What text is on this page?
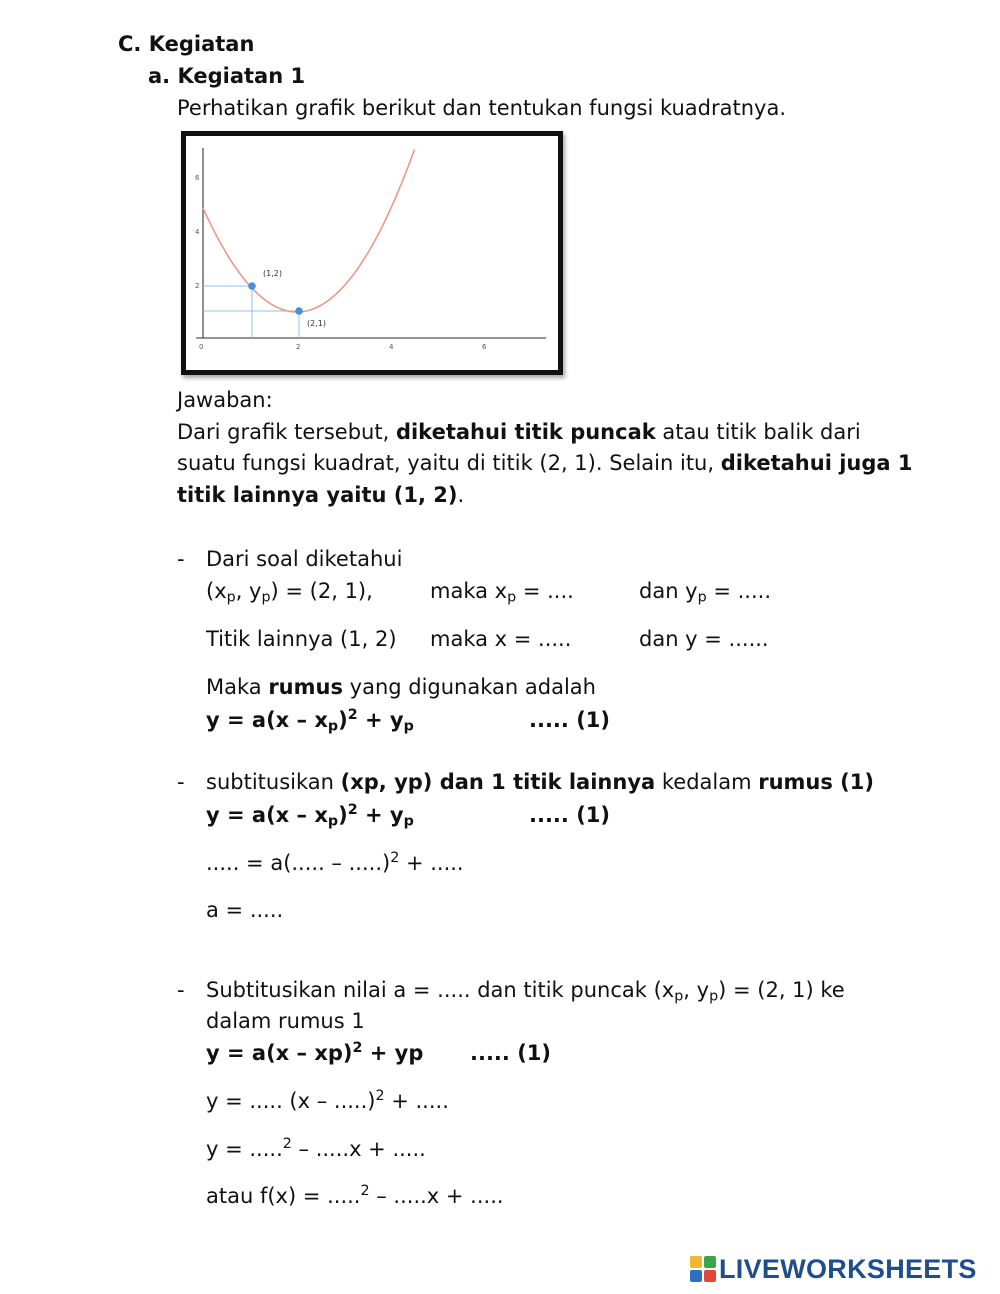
C. Kegiatan
a. Kegiatan 1
Perhatikan grafik berikut dan tentukan fungsi kuadratnya.
(1,2)
(2,1)
0	2	4	6
2
4
6
Jawaban:
Dari grafik tersebut, diketahui titik puncak atau titik balik dari
suatu fungsi kuadrat, yaitu di titik (2, 1). Selain itu, diketahui juga 1
titik lainnya yaitu (1, 2).
- Dari soal diketahui
($x_p$, $y_p) = (2$, 1),	maka $x_p$ = ....	dan $y_p$ = .....
Titik lainnya (1, 2) maka x = .....	dan y = ......
Maka rumus yang digunakan adalah
$y = a(x - x_p)^2 + y_p$	..... (1)
- subtitusikan (xp, yp) dan 1 titik lainnya kedalam rumus (1)
$y = a(x - x_p)^2 + y_p$	..... (1)
..... = a(..... – .....)$^2$ + .....
a = .....
- Subtitusikan nilai a = ..... dan titik puncak ($x_p$, $y_p) = (2$, 1) ke
dalam rumus 1
y = a(x – xp)$^2$ + yp ..... (1)
y = ..... (x – .....)$^2$ + .....
y = .....$^2$ – .....x + .....
atau f(x) = .....$^2$ – .....x + .....
LIVEWORKSHEETS
